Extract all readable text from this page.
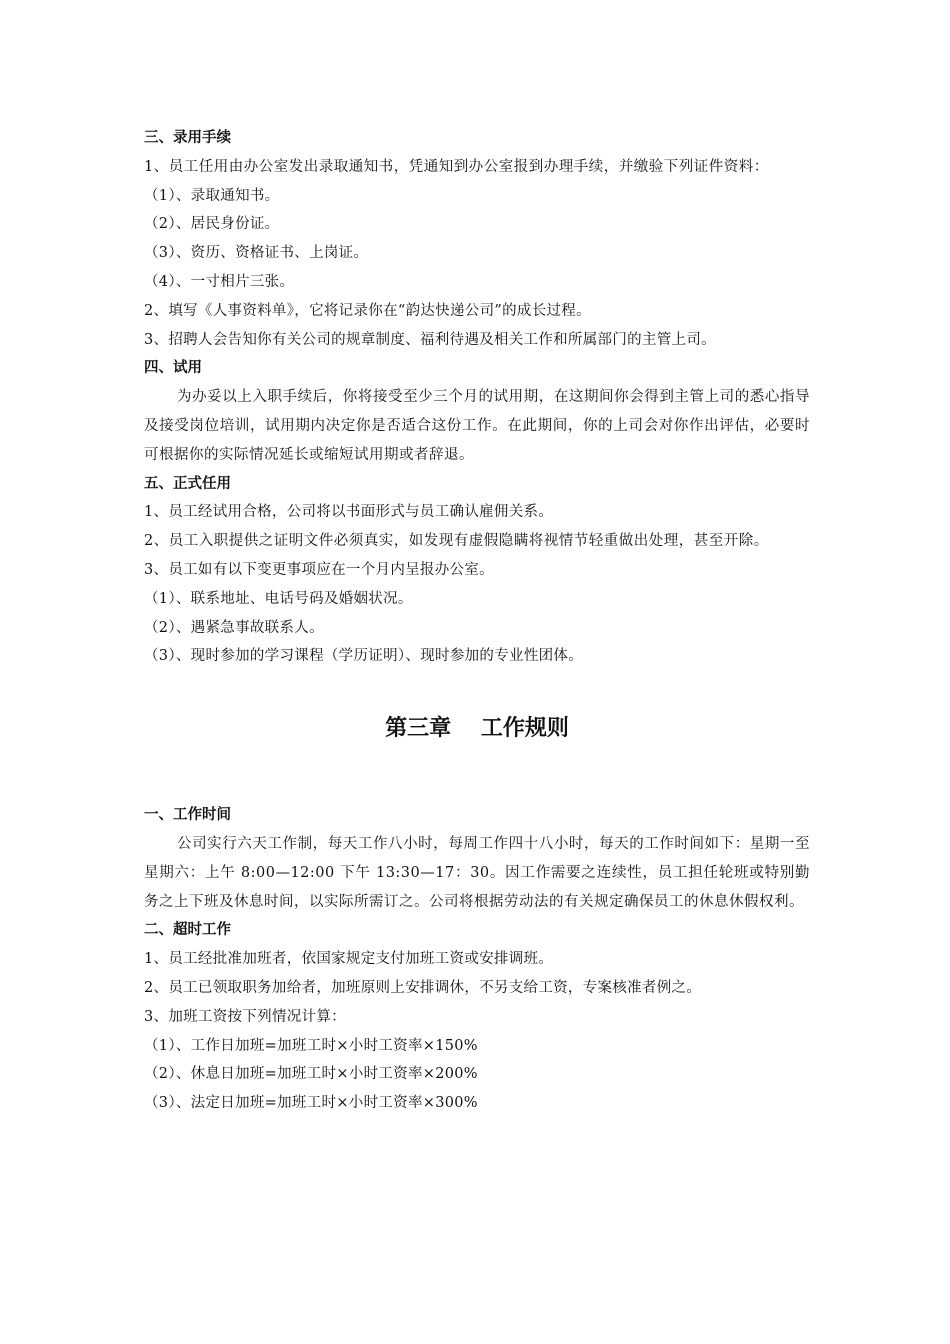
三、录用手续
1、员工任用由办公室发出录取通知书，凭通知到办公室报到办理手续，并缴验下列证件资料：
（1）、录取通知书。
（2）、居民身份证。
（3）、资历、资格证书、上岗证。
（4）、一寸相片三张。
2、填写《人事资料单》，它将记录你在“韵达快递公司”的成长过程。
3、招聘人会告知你有关公司的规章制度、福利待遇及相关工作和所属部门的主管上司。
四、试用
为办妥以上入职手续后，你将接受至少三个月的试用期，在这期间你会得到主管上司的悉心指导及接受岗位培训，试用期内决定你是否适合这份工作。在此期间，你的上司会对你作出评估，必要时可根据你的实际情况延长或缩短试用期或者辞退。
五、正式任用
1、员工经试用合格，公司将以书面形式与员工确认雇佣关系。
2、员工入职提供之证明文件必须真实，如发现有虚假隐瞒将视情节轻重做出处理，甚至开除。
3、员工如有以下变更事项应在一个月内呈报办公室。
（1）、联系地址、电话号码及婚姻状况。
（2）、遇紧急事故联系人。
（3）、现时参加的学习课程（学历证明）、现时参加的专业性团体。
第三章　 工作规则
一、工作时间
公司实行六天工作制，每天工作八小时，每周工作四十八小时，每天的工作时间如下：星期一至星期六：上午 8:00—12:00 下午 13:30—17：30。因工作需要之连续性，员工担任轮班或特别勤务之上下班及休息时间，以实际所需订之。公司将根据劳动法的有关规定确保员工的休息休假权利。
二、超时工作
1、员工经批准加班者，依国家规定支付加班工资或安排调班。
2、员工已领取职务加给者，加班原则上安排调休，不另支给工资，专案核准者例之。
3、加班工资按下列情况计算：
（1）、工作日加班=加班工时×小时工资率×150%
（2）、休息日加班=加班工时×小时工资率×200%
（3）、法定日加班=加班工时×小时工资率×300%
